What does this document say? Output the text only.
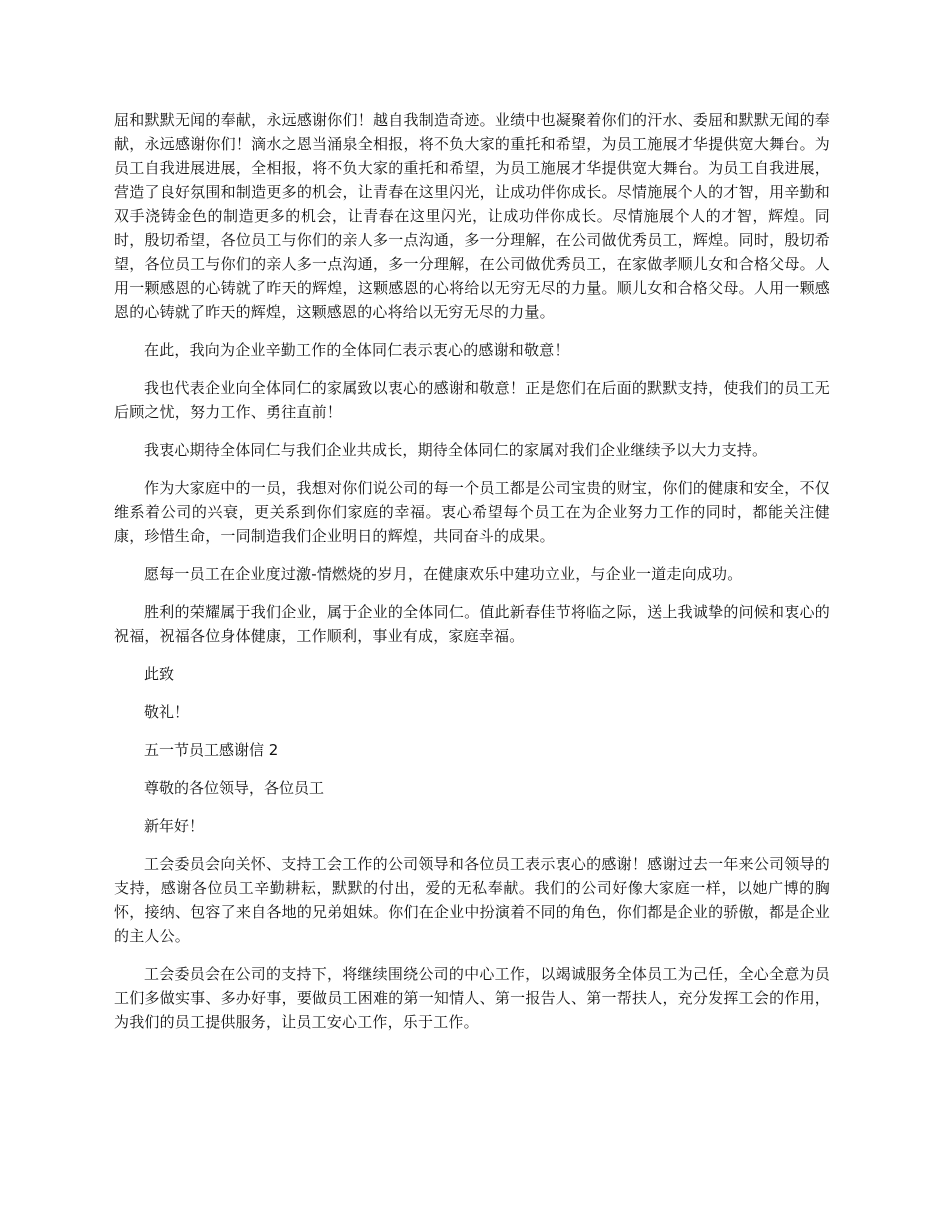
屈和默默无闻的奉献，永远感谢你们！越自我制造奇迹。业绩中也凝聚着你们的汗水、委屈和默默无闻的奉献，永远感谢你们！滴水之恩当涌泉全相报，将不负大家的重托和希望，为员工施展才华提供宽大舞台。为员工自我进展进展，全相报，将不负大家的重托和希望，为员工施展才华提供宽大舞台。为员工自我进展，营造了良好氛围和制造更多的机会，让青春在这里闪光，让成功伴你成长。尽情施展个人的才智，用辛勤和双手浇铸金色的制造更多的机会，让青春在这里闪光，让成功伴你成长。尽情施展个人的才智，辉煌。同时，殷切希望，各位员工与你们的亲人多一点沟通，多一分理解，在公司做优秀员工，辉煌。同时，殷切希望，各位员工与你们的亲人多一点沟通，多一分理解，在公司做优秀员工，在家做孝顺儿女和合格父母。人用一颗感恩的心铸就了昨天的辉煌，这颗感恩的心将给以无穷无尽的力量。顺儿女和合格父母。人用一颗感恩的心铸就了昨天的辉煌，这颗感恩的心将给以无穷无尽的力量。

在此，我向为企业辛勤工作的全体同仁表示衷心的感谢和敬意！

我也代表企业向全体同仁的家属致以衷心的感谢和敬意！正是您们在后面的默默支持，使我们的员工无后顾之忧，努力工作、勇往直前！

我衷心期待全体同仁与我们企业共成长，期待全体同仁的家属对我们企业继续予以大力支持。

作为大家庭中的一员，我想对你们说公司的每一个员工都是公司宝贵的财宝，你们的健康和安全，不仅维系着公司的兴衰，更关系到你们家庭的幸福。衷心希望每个员工在为企业努力工作的同时，都能关注健康，珍惜生命，一同制造我们企业明日的辉煌，共同奋斗的成果。

愿每一员工在企业度过激-情燃烧的岁月，在健康欢乐中建功立业，与企业一道走向成功。

胜利的荣耀属于我们企业，属于企业的全体同仁。值此新春佳节将临之际，送上我诚挚的问候和衷心的祝福，祝福各位身体健康，工作顺利，事业有成，家庭幸福。

此致

敬礼！

五一节员工感谢信 2

尊敬的各位领导，各位员工

新年好！

工会委员会向关怀、支持工会工作的公司领导和各位员工表示衷心的感谢！感谢过去一年来公司领导的支持，感谢各位员工辛勤耕耘，默默的付出，爱的无私奉献。我们的公司好像大家庭一样，以她广博的胸怀，接纳、包容了来自各地的兄弟姐妹。你们在企业中扮演着不同的角色，你们都是企业的骄傲，都是企业的主人公。

工会委员会在公司的支持下，将继续围绕公司的中心工作，以竭诚服务全体员工为己任，全心全意为员工们多做实事、多办好事，要做员工困难的第一知情人、第一报告人、第一帮扶人，充分发挥工会的作用，为我们的员工提供服务，让员工安心工作，乐于工作。
